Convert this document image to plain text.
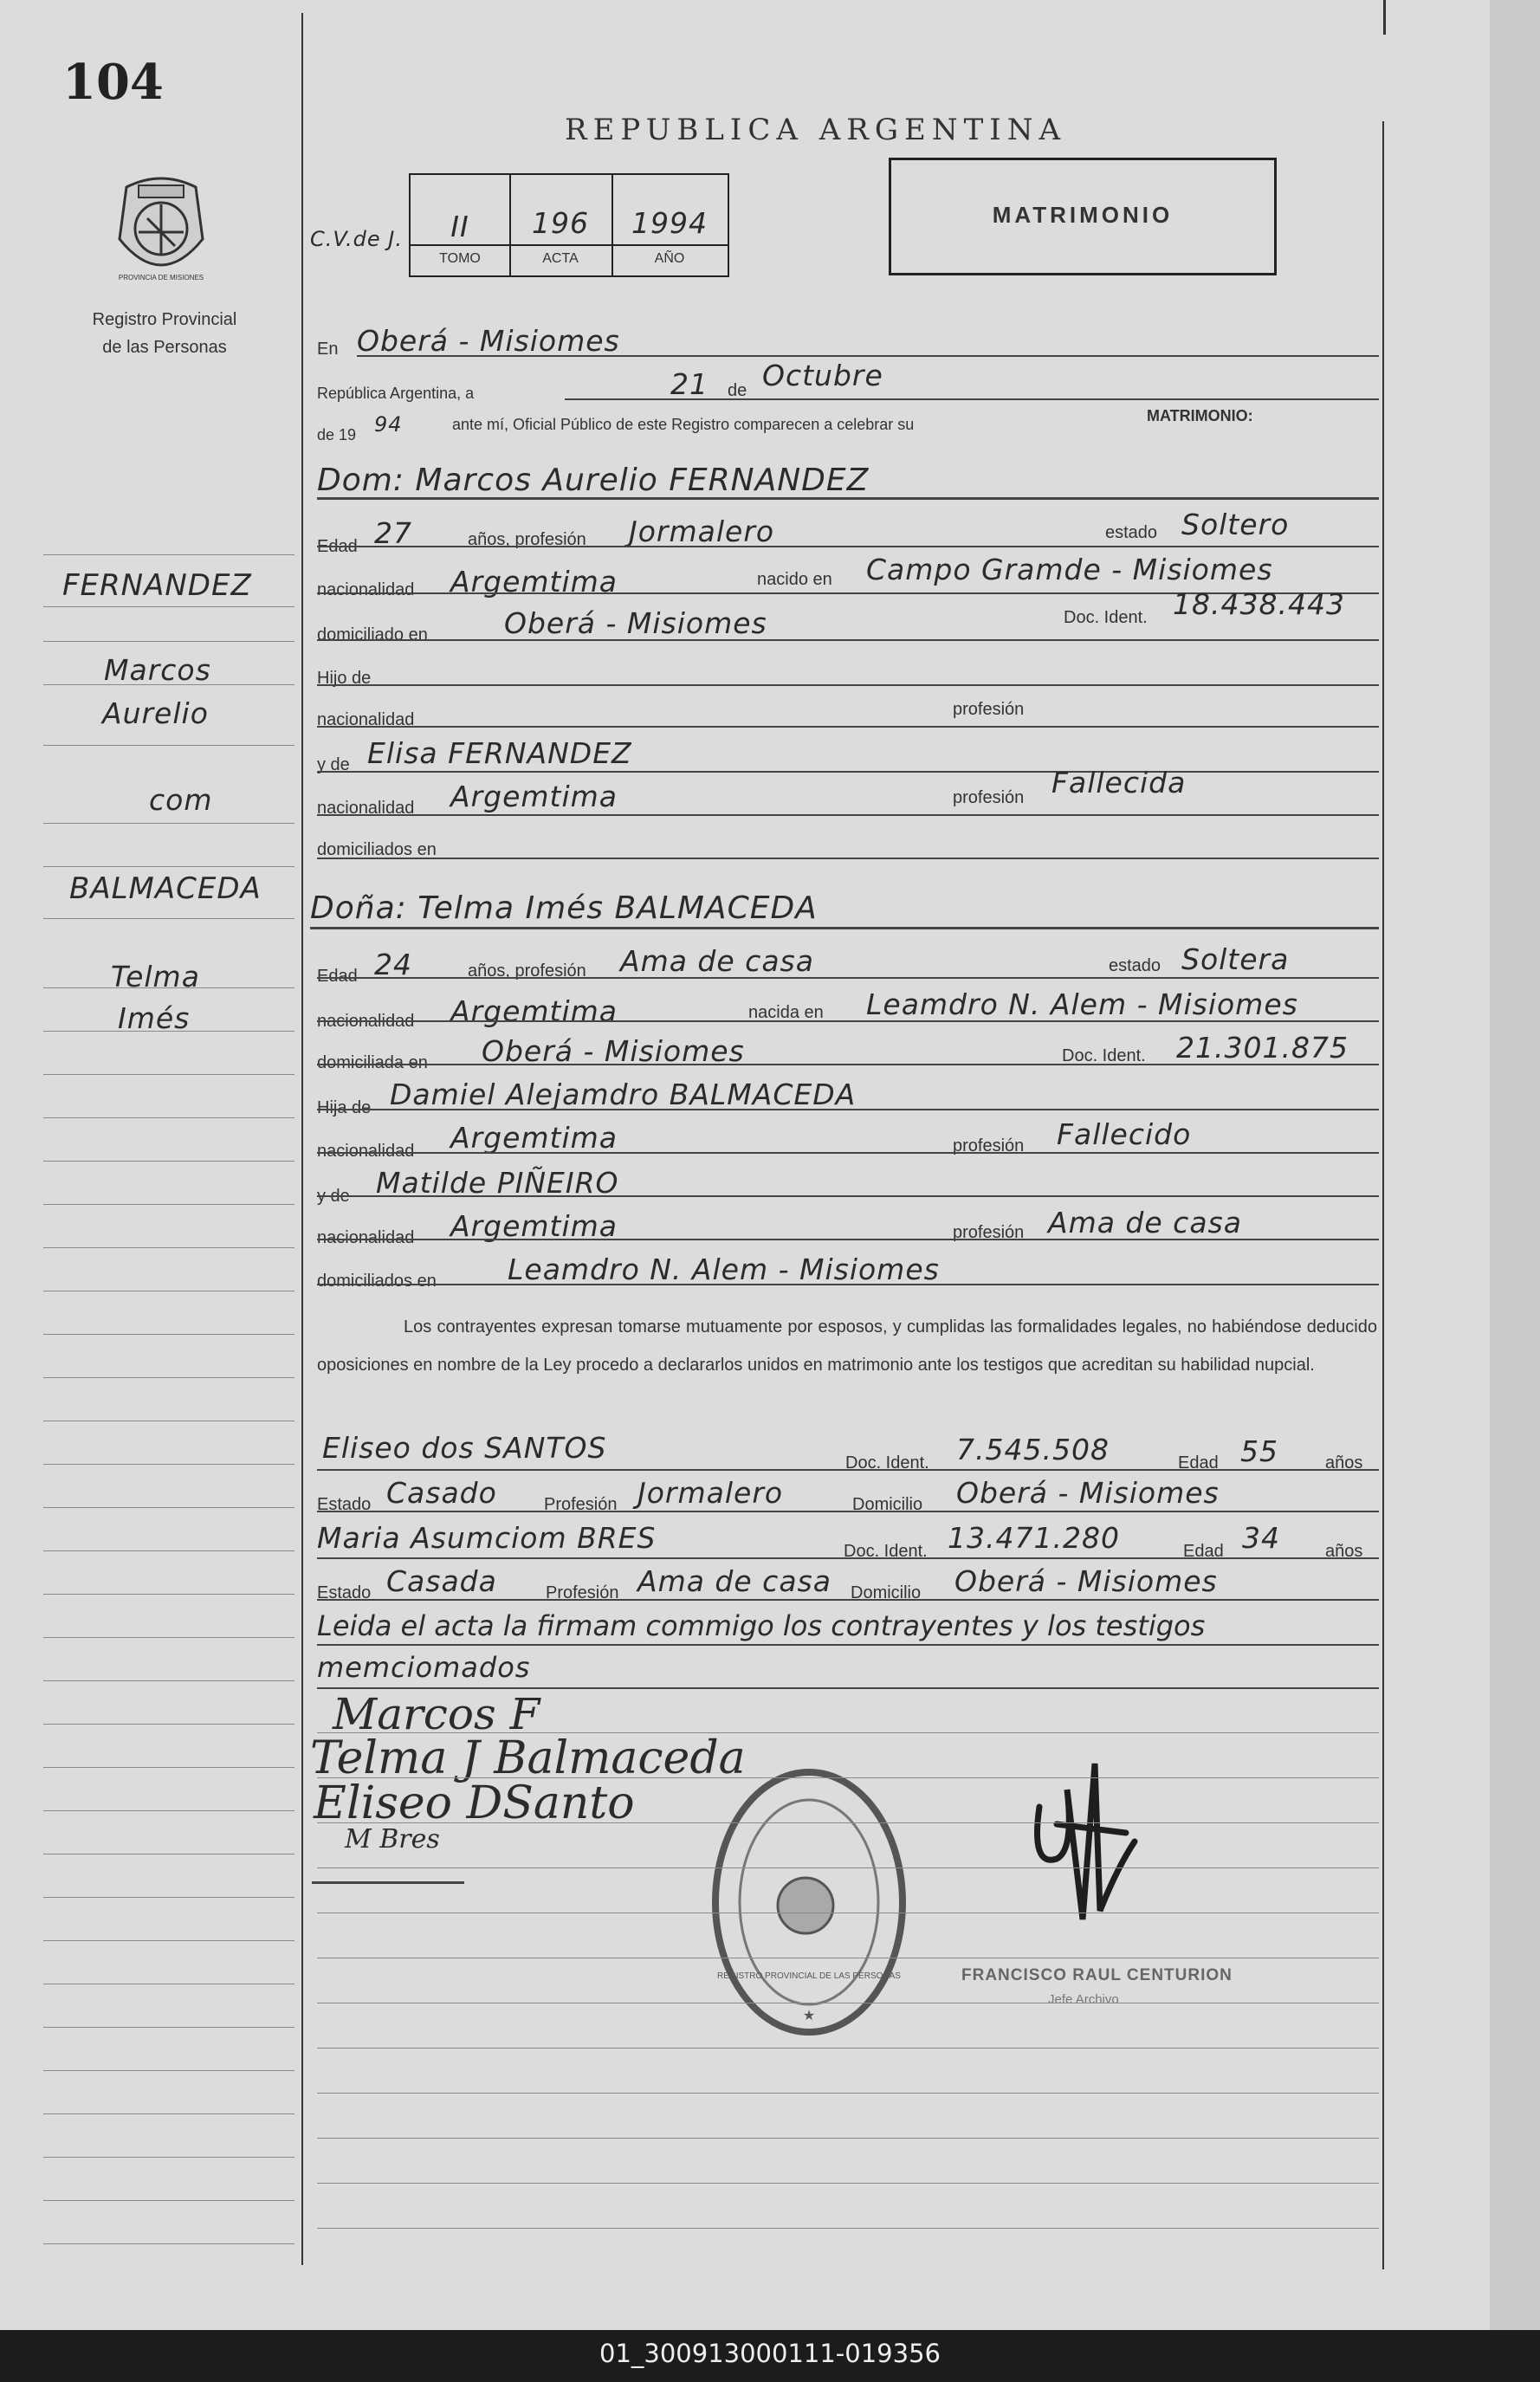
104
PROVINCIA DE MISIONES
Registro Provincial
de las Personas
FERNANDEZ
Marcos
Aurelio
com
BALMACEDA
Telma
Imés
REPUBLICA ARGENTINA
C.V.de J.	II	196	1994
TOMO	ACTA	AÑO
MATRIMONIO
En Oberá - Misiomes
República Argentina, a	21 de Octubre
de 19 94	ante mí, Oficial Público de este Registro comparecen a celebrar su	MATRIMONIO:
Dom: Marcos Aurelio FERNANDEZ
Edad 27	años, profesión Jormalero	estado Soltero
nacionalidad Argemtima	nacido en Campo Gramde - Misiomes
domiciliado en	Oberá - Misiomes	Doc. Ident. 18.438.443
Hijo de
nacionalidad
profesión
y de Elisa FERNANDEZ
nacionalidad Argemtima	profesión Fallecida
domiciliados en
Doña: Telma Imés BALMACEDA
Edad 24	años, profesión Ama de casa	estado Soltera
nacionalidad Argemtima	nacida en Leamdro N. Alem - Misiomes
domiciliada en Oberá - Misiomes	Doc. Ident. 21.301.875
Hija de Damiel Alejamdro BALMACEDA
nacionalidad Argemtima	profesión Fallecido
y de Matilde PIÑEIRO
nacionalidad Argemtima	profesión Ama de casa
domiciliados en Leamdro N. Alem - Misiomes
Los contrayentes expresan tomarse mutuamente por esposos, y cumplidas las formalidades legales, no habiéndose deducido oposiciones en nombre de la Ley procedo a declararlos unidos en matrimonio ante los testigos que acreditan su habilidad nupcial.
Eliseo dos SANTOS	Doc. Ident. 7.545.508	Edad 55	años
Estado Casado	Profesión Jormalero	Domicilio Oberá - Misiomes
Maria Asumciom BRES	Doc. Ident. 13.471.280	Edad 34	años
Estado Casada	Profesión Ama de casa Domicilio Oberá - Misiomes
Leida el acta la firmam commigo los contrayentes y los testigos
memciomados
Marcos F
Telma J Balmaceda
Eliseo DSanto
M Bres
★
REGISTRO PROVINCIAL DE LAS PERSONAS	FRANCISCO RAUL CENTURION
Jefe Archivo
01_300913000111-019356
